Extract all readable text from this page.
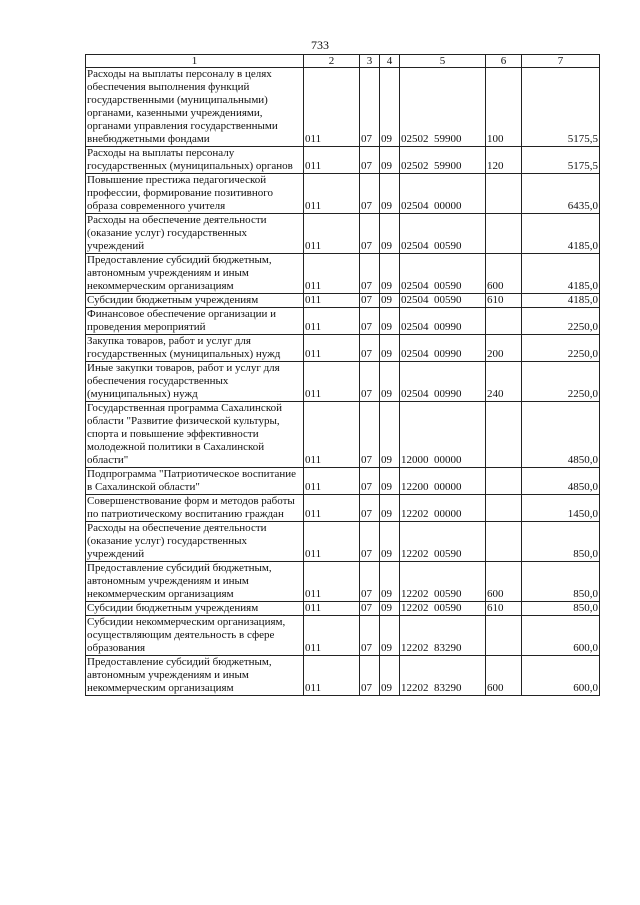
733
1	2	3	4	5	6	7
Расходы на выплаты персоналу в целях обеспечения выполнения функций государственными (муниципальными) органами, казенными учреждениями, органами управления государственными внебюджетными фондами	011	07	09	02502  59900	100	5175,5
Расходы на выплаты персоналу государственных (муниципальных) органов	011	07	09	02502  59900	120	5175,5
Повышение престижа педагогической профессии, формирование позитивного образа современного учителя	011	07	09	02504  00000		6435,0
Расходы на обеспечение деятельности (оказание услуг) государственных учреждений	011	07	09	02504  00590		4185,0
Предоставление субсидий бюджетным, автономным учреждениям и иным некоммерческим организациям	011	07	09	02504  00590	600	4185,0
Субсидии бюджетным учреждениям	011	07	09	02504  00590	610	4185,0
Финансовое обеспечение организации и проведения мероприятий	011	07	09	02504  00990		2250,0
Закупка товаров, работ и услуг для государственных (муниципальных) нужд	011	07	09	02504  00990	200	2250,0
Иные закупки товаров, работ и услуг для обеспечения государственных (муниципальных) нужд	011	07	09	02504  00990	240	2250,0
Государственная программа Сахалинской области "Развитие физической культуры, спорта и повышение эффективности молодежной политики в Сахалинской области"	011	07	09	12000  00000		4850,0
Подпрограмма "Патриотическое воспитание в Сахалинской области"	011	07	09	12200  00000		4850,0
Совершенствование форм и методов работы по патриотическому воспитанию граждан	011	07	09	12202  00000		1450,0
Расходы на обеспечение деятельности (оказание услуг) государственных учреждений	011	07	09	12202  00590		850,0
Предоставление субсидий бюджетным, автономным учреждениям и иным некоммерческим организациям	011	07	09	12202  00590	600	850,0
Субсидии бюджетным учреждениям	011	07	09	12202  00590	610	850,0
Субсидии некоммерческим организациям, осуществляющим деятельность в сфере образования	011	07	09	12202  83290		600,0
Предоставление субсидий бюджетным, автономным учреждениям и иным некоммерческим организациям	011	07	09	12202  83290	600	600,0
